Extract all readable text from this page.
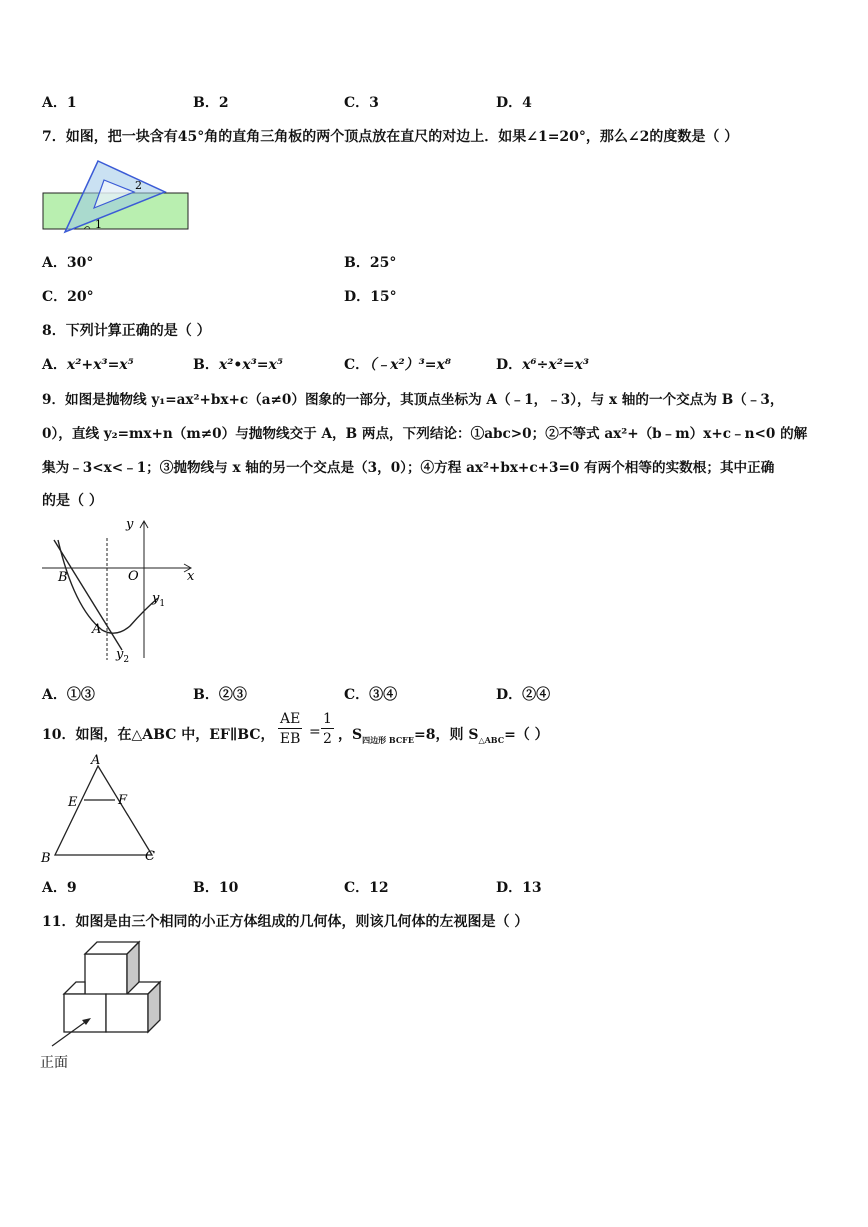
A．1	B．2	C．3	D．4
7．如图，把一块含有45°角的直角三角板的两个顶点放在直尺的对边上．如果∠1=20°，那么∠2的度数是（ ）
2
1
A．30°	B．25°
C．20°	D．15°
8．下列计算正确的是（ ）
A．x²+x³=x⁵	B．x²•x³=x⁵	C．（﹣x²）³=x⁸	D．x⁶÷x²=x³
9．如图是抛物线 y₁=ax²+bx+c（a≠0）图象的一部分，其顶点坐标为 A（﹣1，﹣3），与 x 轴的一个交点为 B（﹣3，
0），直线 y₂=mx+n（m≠0）与抛物线交于 A，B 两点，下列结论：①abc>0；②不等式 ax²+（b﹣m）x+c﹣n<0 的解
集为﹣3<x<﹣1；③抛物线与 x 轴的另一个交点是（3，0）；④方程 ax²+bx+c+3=0 有两个相等的实数根；其中正确
的是（ ）
y
x
O
B
A
$y_1$
$y_2$
A．①③	B．②③	C．③④	D．②④
10．如图，在△ABC 中，EF∥BC， $\frac{AE}{EB} = \frac{1}{2}$ ，$S_{四边形 BCFE}=8$，则 $S_{\triangle ABC}=$（ ）
A
E	F
B	C
A．9	B．10	C．12	D．13
11．如图是由三个相同的小正方体组成的几何体，则该几何体的左视图是（ ）
正面
